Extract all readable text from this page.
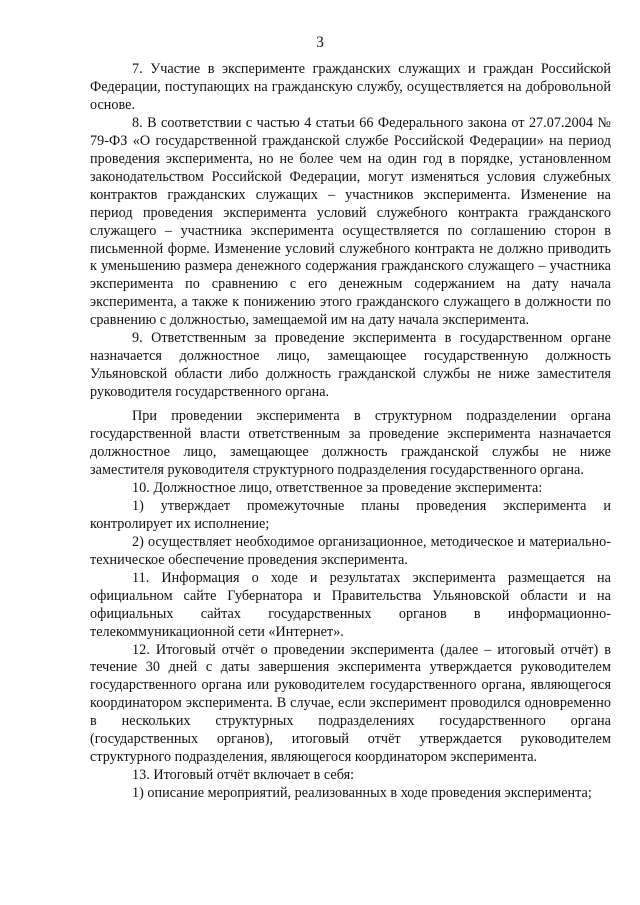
3

7. Участие в эксперименте гражданских служащих и граждан Российской Федерации, поступающих на гражданскую службу, осуществляется на добровольной основе.

8. В соответствии с частью 4 статьи 66 Федерального закона от 27.07.2004 № 79-ФЗ «О государственной гражданской службе Российской Федерации» на период проведения эксперимента, но не более чем на один год в порядке, установленном законодательством Российской Федерации, могут изменяться условия служебных контрактов гражданских служащих – участников эксперимента. Изменение на период проведения эксперимента условий служебного контракта гражданского служащего – участника эксперимента осуществляется по соглашению сторон в письменной форме. Изменение условий служебного контракта не должно приводить к уменьшению размера денежного содержания гражданского служащего – участника эксперимента по сравнению с его денежным содержанием на дату начала эксперимента, а также к понижению этого гражданского служащего в должности по сравнению с должностью, замещаемой им на дату начала эксперимента.

9. Ответственным за проведение эксперимента в государственном органе назначается должностное лицо, замещающее государственную должность Ульяновской области либо должность гражданской службы не ниже заместителя руководителя государственного органа.

При проведении эксперимента в структурном подразделении органа государственной власти ответственным за проведение эксперимента назначается должностное лицо, замещающее должность гражданской службы не ниже заместителя руководителя структурного подразделения государственного органа.

10. Должностное лицо, ответственное за проведение эксперимента:

1) утверждает промежуточные планы проведения эксперимента и контролирует их исполнение;

2) осуществляет необходимое организационное, методическое и материально-техническое обеспечение проведения эксперимента.

11. Информация о ходе и результатах эксперимента размещается на официальном сайте Губернатора и Правительства Ульяновской области и на официальных сайтах государственных органов в информационно-телекоммуникационной сети «Интернет».

12. Итоговый отчёт о проведении эксперимента (далее – итоговый отчёт) в течение 30 дней с даты завершения эксперимента утверждается руководителем государственного органа или руководителем государственного органа, являющегося координатором эксперимента. В случае, если эксперимент проводился одновременно в нескольких структурных подразделениях государственного органа (государственных органов), итоговый отчёт утверждается руководителем структурного подразделения, являющегося координатором эксперимента.

13. Итоговый отчёт включает в себя:

1) описание мероприятий, реализованных в ходе проведения эксперимента;
